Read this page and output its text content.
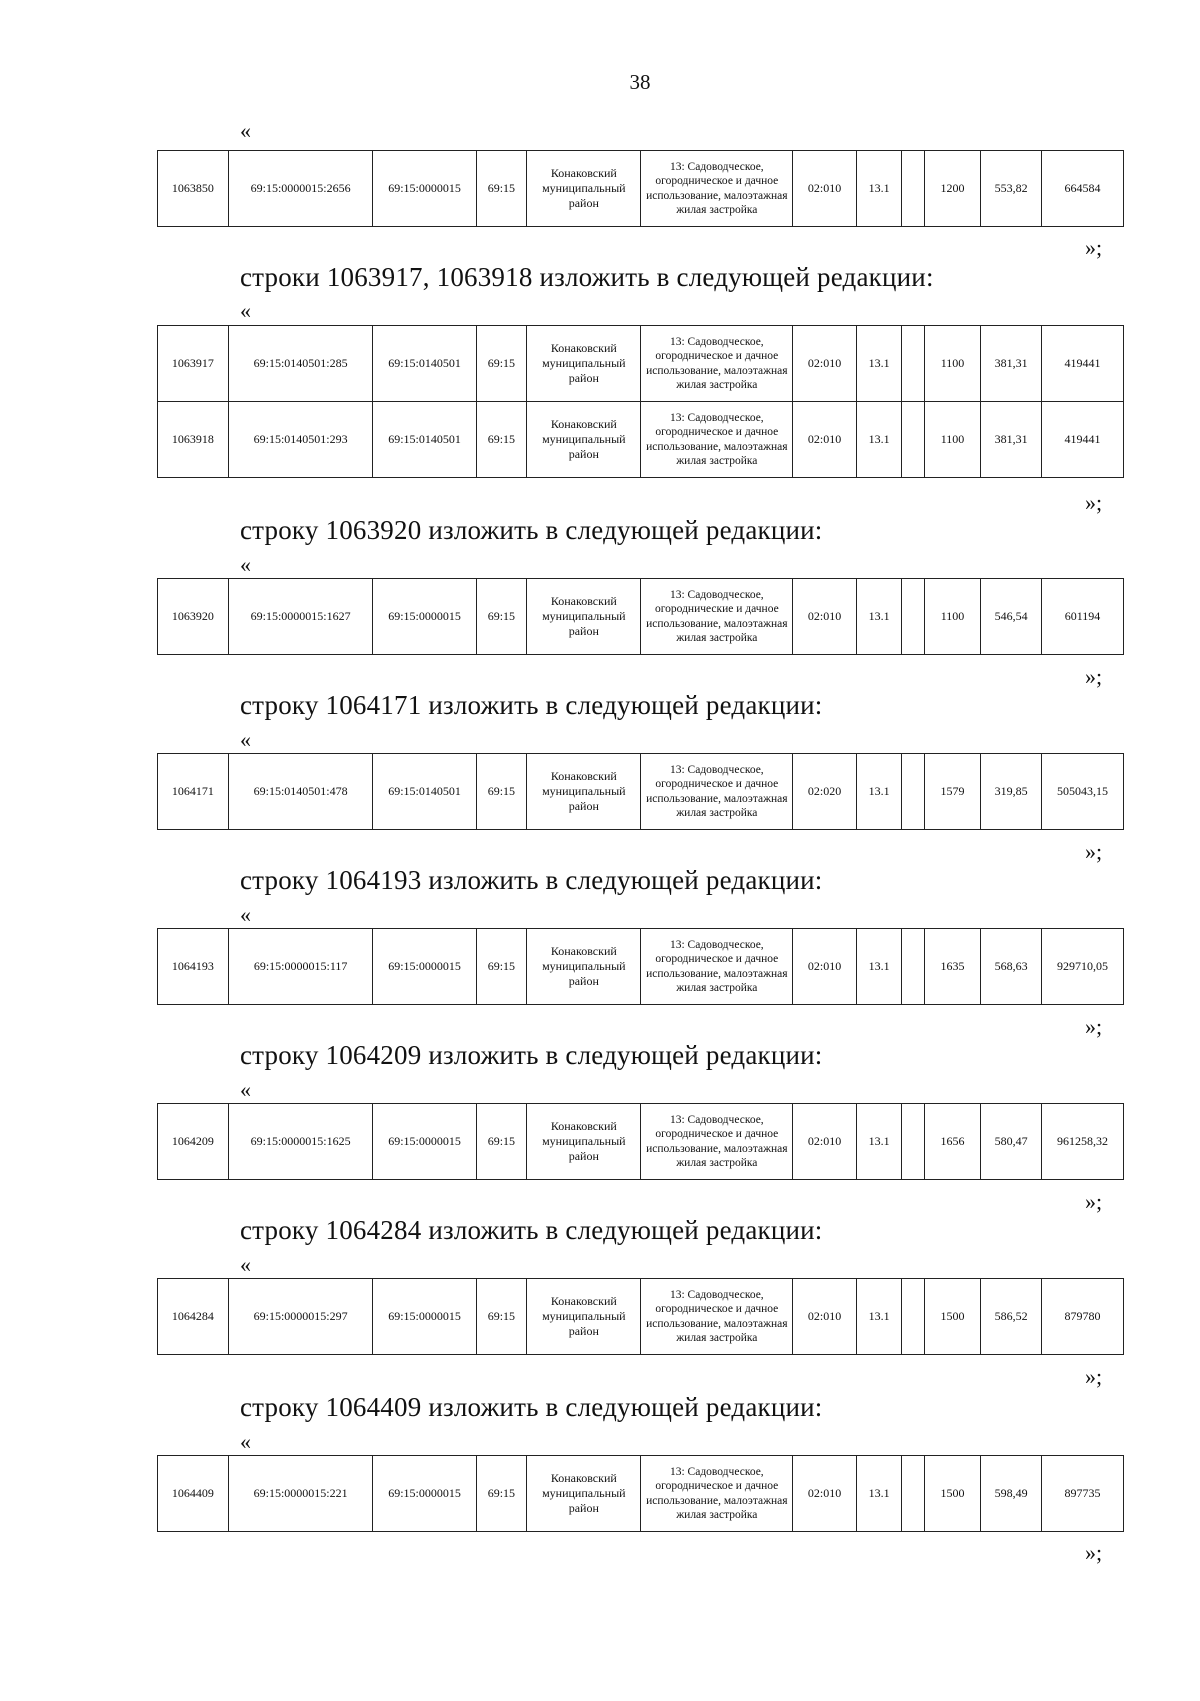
38
«
1063850	69:15:0000015:2656	69:15:0000015	69:15	Конаковский муниципальный район	13: Садоводческое, огородническое и дачное использование, малоэтажная жилая застройка	02:010	13.1		1200	553,82	664584
»;
строки 1063917, 1063918 изложить в следующей редакции:
«
1063917	69:15:0140501:285	69:15:0140501	69:15	Конаковский муниципальный район	13: Садоводческое, огородническое и дачное использование, малоэтажная жилая застройка	02:010	13.1		1100	381,31	419441
1063918	69:15:0140501:293	69:15:0140501	69:15	Конаковский муниципальный район	13: Садоводческое, огородническое и дачное использование, малоэтажная жилая застройка	02:010	13.1		1100	381,31	419441
»;
строку 1063920 изложить в следующей редакции:
«
1063920	69:15:0000015:1627	69:15:0000015	69:15	Конаковский муниципальный район	13: Садоводческое, огороднические и дачное использование, малоэтажная жилая застройка	02:010	13.1		1100	546,54	601194
»;
строку 1064171 изложить в следующей редакции:
«
1064171	69:15:0140501:478	69:15:0140501	69:15	Конаковский муниципальный район	13: Садоводческое, огородническое и дачное использование, малоэтажная жилая застройка	02:020	13.1		1579	319,85	505043,15
»;
строку 1064193 изложить в следующей редакции:
«
1064193	69:15:0000015:117	69:15:0000015	69:15	Конаковский муниципальный район	13: Садоводческое, огородническое и дачное использование, малоэтажная жилая застройка	02:010	13.1		1635	568,63	929710,05
»;
строку 1064209 изложить в следующей редакции:
«
1064209	69:15:0000015:1625	69:15:0000015	69:15	Конаковский муниципальный район	13: Садоводческое, огородническое и дачное использование, малоэтажная жилая застройка	02:010	13.1		1656	580,47	961258,32
»;
строку 1064284 изложить в следующей редакции:
«
1064284	69:15:0000015:297	69:15:0000015	69:15	Конаковский муниципальный район	13: Садоводческое, огородническое и дачное использование, малоэтажная жилая застройка	02:010	13.1		1500	586,52	879780
»;
строку 1064409 изложить в следующей редакции:
«
1064409	69:15:0000015:221	69:15:0000015	69:15	Конаковский муниципальный район	13: Садоводческое, огородническое и дачное использование, малоэтажная жилая застройка	02:010	13.1		1500	598,49	897735
»;
